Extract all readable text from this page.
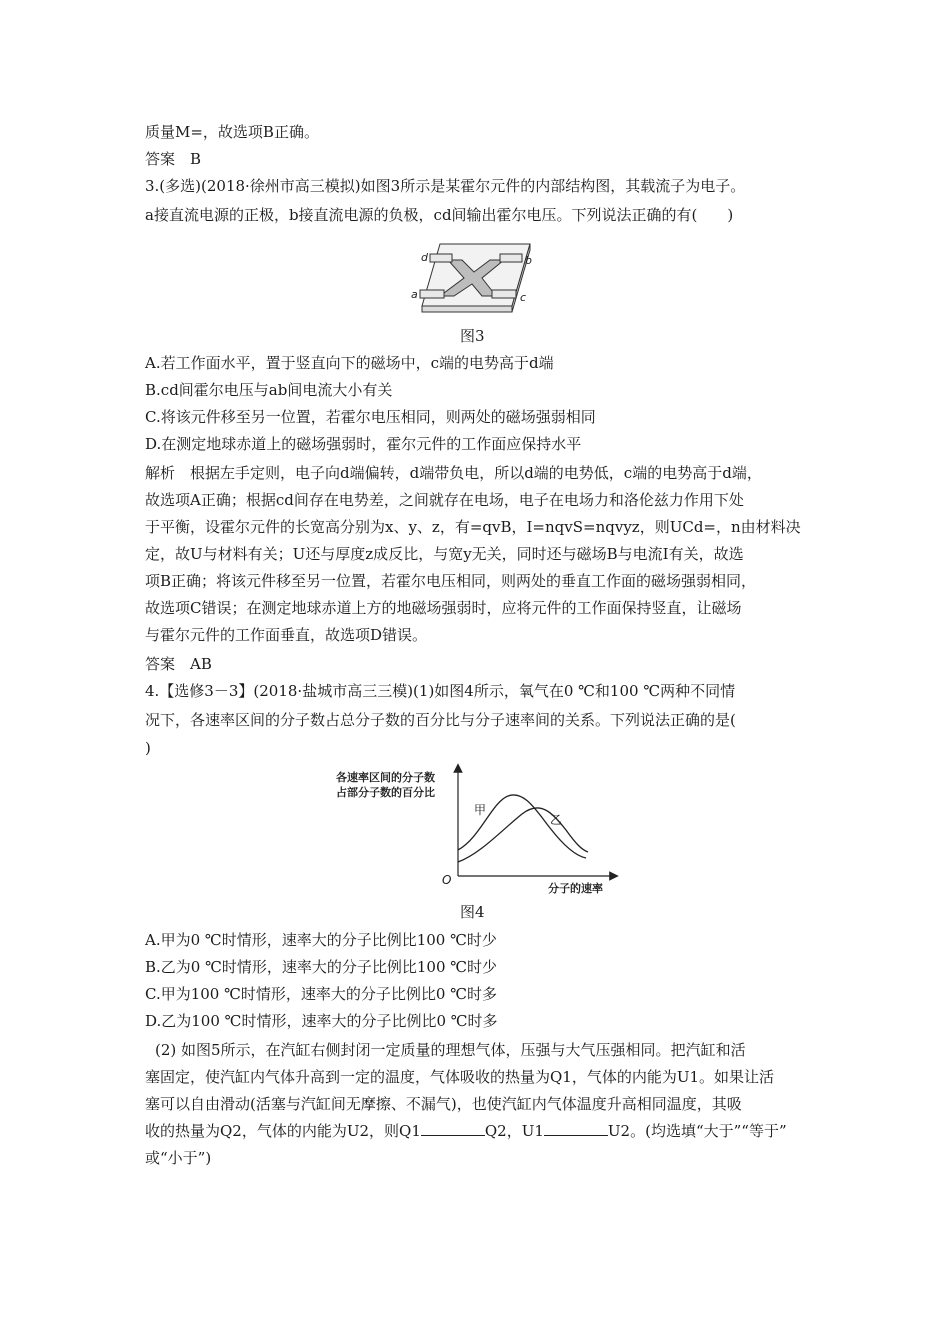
质量M=，故选项B正确。
答案　B
3.(多选)(2018·徐州市高三模拟)如图3所示是某霍尔元件的内部结构图，其载流子为电子。
a接直流电源的正极，b接直流电源的负极，cd间输出霍尔电压。下列说法正确的有(　　)
d	b
a	c
图3
A.若工作面水平，置于竖直向下的磁场中，c端的电势高于d端
B.cd间霍尔电压与ab间电流大小有关
C.将该元件移至另一位置，若霍尔电压相同，则两处的磁场强弱相同
D.在测定地球赤道上的磁场强弱时，霍尔元件的工作面应保持水平
解析　根据左手定则，电子向d端偏转，d端带负电，所以d端的电势低，c端的电势高于d端，
故选项A正确；根据cd间存在电势差，之间就存在电场，电子在电场力和洛伦兹力作用下处
于平衡，设霍尔元件的长宽高分别为x、y、z，有=qvB，I=nqvS=nqvyz，则UCd=，n由材料决
定，故U与材料有关；U还与厚度z成反比，与宽y无关，同时还与磁场B与电流I有关，故选
项B正确；将该元件移至另一位置，若霍尔电压相同，则两处的垂直工作面的磁场强弱相同，
故选项C错误；在测定地球赤道上方的地磁场强弱时，应将元件的工作面保持竖直，让磁场
与霍尔元件的工作面垂直，故选项D错误。
答案　AB
4.【选修3－3】(2018·盐城市高三三模)(1)如图4所示，氧气在0 ℃和100 ℃两种不同情
况下，各速率区间的分子数占总分子数的百分比与分子速率间的关系。下列说法正确的是(
)
各速率区间的分子数
占部分子数的百分比
甲
乙
O
分子的速率
图4
A.甲为0 ℃时情形，速率大的分子比例比100 ℃时少
B.乙为0 ℃时情形，速率大的分子比例比100 ℃时少
C.甲为100 ℃时情形，速率大的分子比例比0 ℃时多
D.乙为100 ℃时情形，速率大的分子比例比0 ℃时多
(2) 如图5所示，在汽缸右侧封闭一定质量的理想气体，压强与大气压强相同。把汽缸和活
塞固定，使汽缸内气体升高到一定的温度，气体吸收的热量为Q1，气体的内能为U1。如果让活
塞可以自由滑动(活塞与汽缸间无摩擦、不漏气)，也使汽缸内气体温度升高相同温度，其吸
收的热量为Q2，气体的内能为U2，则Q1	Q2，U1	U2。(均选填“大于”“等于”
或“小于”)
